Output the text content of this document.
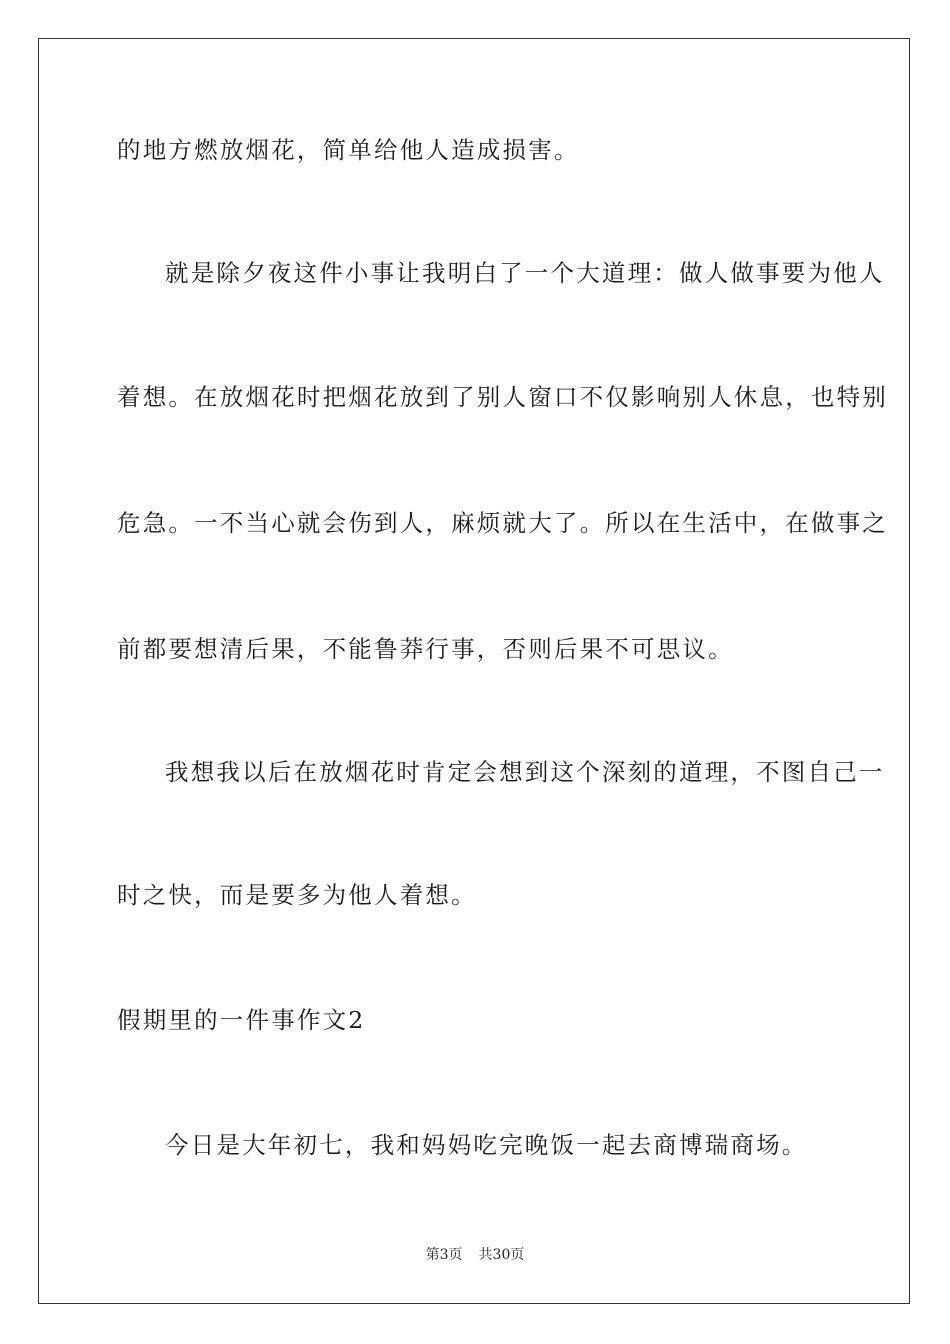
的地方燃放烟花，简单给他人造成损害。
就是除夕夜这件小事让我明白了一个大道理：做人做事要为他人
着想。在放烟花时把烟花放到了别人窗口不仅影响别人休息，也特别
危急。一不当心就会伤到人，麻烦就大了。所以在生活中，在做事之
前都要想清后果，不能鲁莽行事，否则后果不可思议。
我想我以后在放烟花时肯定会想到这个深刻的道理，不图自己一
时之快，而是要多为他人着想。
假期里的一件事作文2
今日是大年初七，我和妈妈吃完晚饭一起去商博瑞商场。
第3页 共30页
